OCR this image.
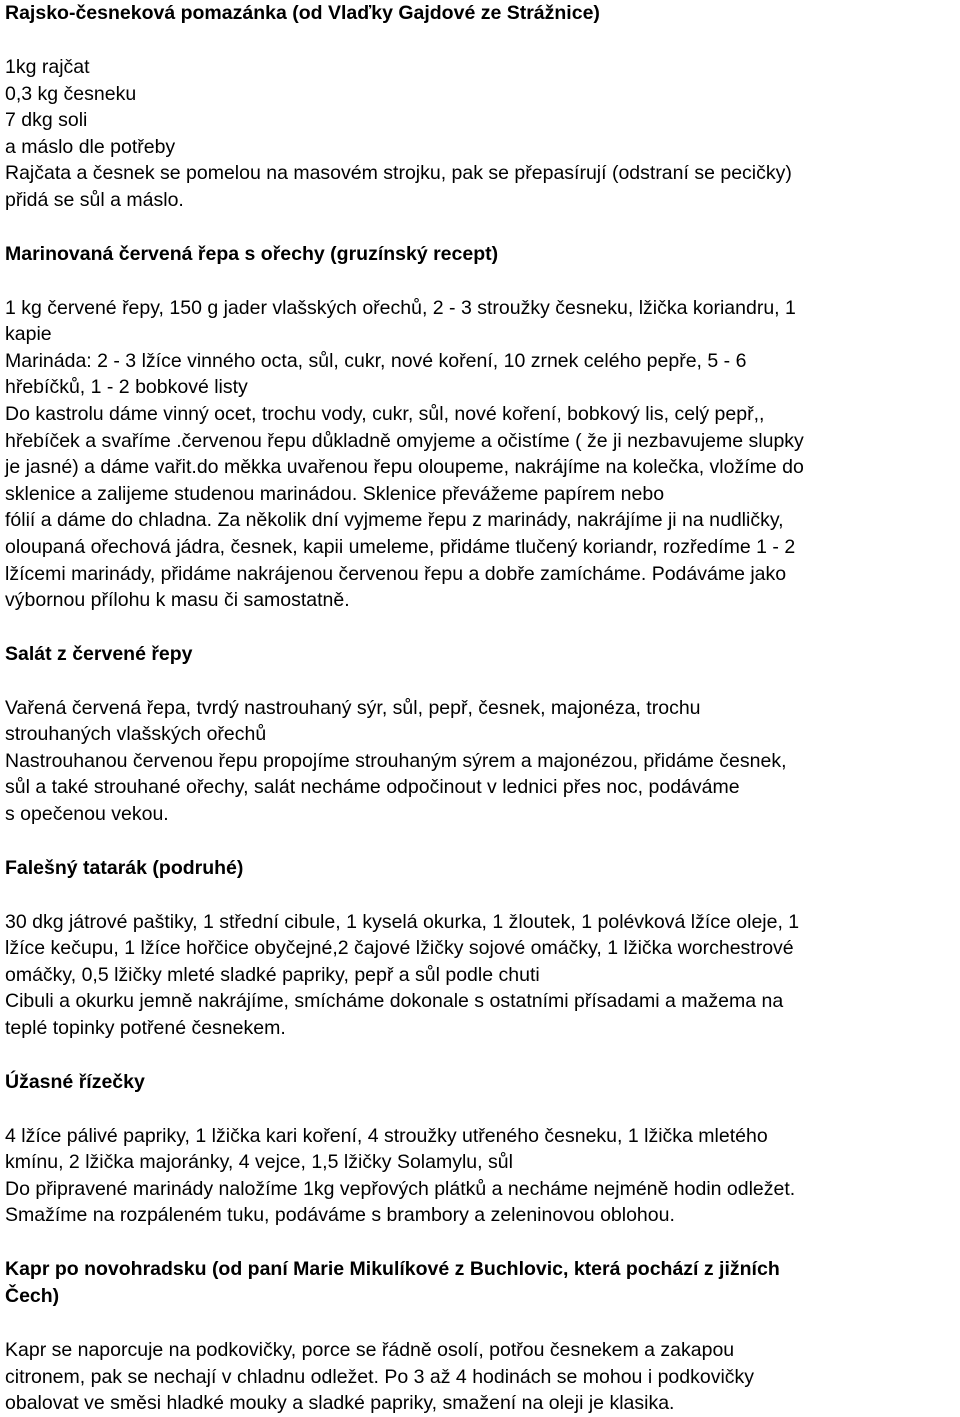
Rajsko-česneková pomazánka (od Vlaďky Gajdové ze Strážnice)

1kg rajčat
0,3 kg česneku
7 dkg soli
a máslo dle potřeby
Rajčata a česnek se pomelou na masovém strojku, pak se přepasírují (odstraní se pecičky)
přidá se sůl a máslo.

Marinovaná červená řepa s ořechy (gruzínský recept)

1 kg červené řepy, 150 g jader vlašských ořechů, 2 - 3 stroužky česneku, lžička koriandru, 1
kapie
Marináda: 2 - 3 lžíce vinného octa, sůl, cukr, nové koření, 10 zrnek celého pepře, 5 - 6
hřebíčků, 1 - 2 bobkové listy
Do kastrolu dáme vinný ocet, trochu vody, cukr, sůl, nové koření, bobkový lis, celý pepř,,
hřebíček a svaříme .červenou řepu důkladně omyjeme a očistíme ( že ji nezbavujeme slupky
je jasné) a dáme vařit.do měkka uvařenou řepu oloupeme, nakrájíme na kolečka, vložíme do
sklenice a zalijeme studenou marinádou. Sklenice převážeme papírem nebo
fólií a dáme do chladna. Za několik dní vyjmeme řepu z marinády, nakrájíme ji na nudličky,
oloupaná ořechová jádra, česnek, kapii umeleme, přidáme tlučený koriandr, rozředíme 1 - 2
lžícemi marinády, přidáme nakrájenou červenou řepu a dobře zamícháme. Podáváme jako
výbornou přílohu k masu či samostatně.

Salát z červené řepy

Vařená červená řepa, tvrdý nastrouhaný sýr, sůl, pepř, česnek, majonéza, trochu
strouhaných vlašských ořechů
Nastrouhanou červenou řepu propojíme strouhaným sýrem a majonézou, přidáme česnek,
sůl a také strouhané ořechy, salát necháme odpočinout v lednici přes noc, podáváme
s opečenou vekou.

Falešný tatarák (podruhé)

30 dkg játrové paštiky, 1 střední cibule, 1 kyselá okurka, 1 žloutek, 1 polévková lžíce oleje, 1
lžíce kečupu, 1 lžíce hořčice obyčejné,2 čajové lžičky sojové omáčky, 1 lžička worchestrové
omáčky, 0,5 lžičky mleté sladké papriky, pepř a sůl podle chuti
Cibuli a okurku jemně nakrájíme, smícháme dokonale s ostatními přísadami a mažema na
teplé topinky potřené česnekem.

Úžasné řízečky

4 lžíce pálivé papriky, 1 lžička kari koření, 4 stroužky utřeného česneku, 1 lžička mletého
kmínu, 2 lžička majoránky, 4 vejce, 1,5 lžičky Solamylu, sůl
Do připravené marinády naložíme 1kg vepřových plátků a necháme nejméně hodin odležet.
Smažíme na rozpáleném tuku, podáváme s brambory a zeleninovou oblohou.

Kapr po novohradsku (od paní Marie Mikulíkové z Buchlovic, která pochází z jižních
Čech)

Kapr se naporcuje na podkovičky, porce se řádně osolí, potřou česnekem a zakapou
citronem, pak se nechají v chladnu odležet. Po 3 až 4 hodinách se mohou i podkovičky
obalovat ve směsi hladké mouky a sladké papriky, smažení na oleji je klasika.
